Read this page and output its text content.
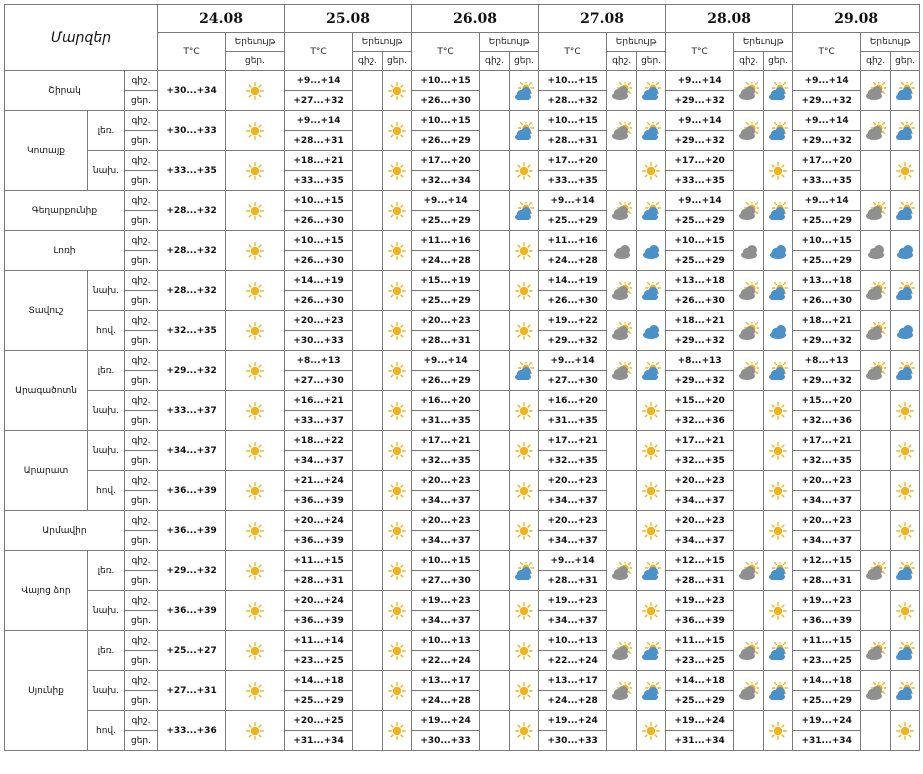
Մարզեր			24.08		25.08			26.08			27.08			28.08			29.08		
			T°C	Երեւույթ	T°C	Երեւույթ		T°C	Երեւույթ		T°C	Երեւույթ		T°C	Երեւույթ		T°C	Երեւույթ	
				ցեր.		գիշ.	ցեր.		գիշ.	ցեր.		գիշ.	ցեր.		գիշ.	ցեր.		գիշ.	ցեր.
Շիրակ		գիշ.	+30...+34		+9...+14			+10...+15			+10...+15			+9...+14			+9...+14	

		ցեր.			+27...+32			+26...+30			+28...+32			+29...+32			+29...+32		
Կոտայք	լեռ.	գիշ.	+30...+33		+9...+14			+10...+15			+10...+15			+9...+14			+9...+14	

		ցեր.			+28...+31			+26...+29			+28...+31			+29...+32			+29...+32		
	նախ.	գիշ.	+33...+35		+18...+21			+17...+20			+17...+20			+17...+20			+17...+20	

		ցեր.			+33...+35			+32...+34			+33...+35			+33...+35			+33...+35		
Գեղարքունիք		գիշ.	+28...+32		+10...+15			+9...+14			+9...+14			+9...+14			+9...+14	

		ցեր.			+26...+30			+25...+29			+25...+29			+25...+29			+25...+29		
Լոռի		գիշ.	+28...+32		+10...+15			+11...+16			+11...+16			+10...+15			+10...+15	

		ցեր.			+26...+30			+24...+28			+24...+28			+25...+29			+25...+29		
Տավուշ	նախ.	գիշ.	+28...+32		+14...+19			+15...+19			+14...+19			+13...+18			+13...+18	

		ցեր.			+26...+30			+25...+29			+26...+30			+26...+30			+26...+30		
	հով.	գիշ.	+32...+35		+20...+23			+20...+23			+19...+22			+18...+21			+18...+21	

		ցեր.			+30...+33			+28...+31			+29...+32			+29...+32			+29...+32		
Արագածոտն	լեռ.	գիշ.	+29...+32		+8...+13			+9...+14			+9...+14			+8...+13			+8...+13	

		ցեր.			+27...+30			+26...+29			+27...+30			+29...+32			+29...+32		
	նախ.	գիշ.	+33...+37		+16...+21			+16...+20			+16...+20			+15...+20			+15...+20	

		ցեր.			+33...+37			+31...+35			+31...+35			+32...+36			+32...+36		
Արարատ	նախ.	գիշ.	+34...+37		+18...+22			+17...+21			+17...+21			+17...+21			+17...+21	

		ցեր.			+34...+37			+32...+35			+32...+35			+32...+35			+32...+35		
	հով.	գիշ.	+36...+39		+21...+24			+20...+23			+20...+23			+20...+23			+20...+23	

		ցեր.			+36...+39			+34...+37			+34...+37			+34...+37			+34...+37		
Արմավիր		գիշ.	+36...+39		+20...+24			+20...+23			+20...+23			+20...+23			+20...+23	

		ցեր.			+36...+39			+34...+37			+34...+37			+34...+37			+34...+37		
Վայոց ձոր	լեռ.	գիշ.	+29...+32		+11...+15			+10...+15			+9...+14			+12...+15			+12...+15	

		ցեր.			+28...+31			+27...+30			+28...+31			+28...+31			+28...+31		
	նախ.	գիշ.	+36...+39		+20...+24			+19...+23			+19...+23			+19...+23			+19...+23	

		ցեր.			+36...+39			+34...+37			+34...+37			+36...+39			+36...+39		
Սյունիք	լեռ.	գիշ.	+25...+27		+11...+14			+10...+13			+10...+13			+11...+15			+11...+15	

		ցեր.			+23...+25			+22...+24			+22...+24			+23...+25			+23...+25		
	նախ.	գիշ.	+27...+31		+14...+18			+13...+17			+13...+17			+14...+18			+14...+18	

		ցեր.			+25...+29			+24...+28			+24...+28			+25...+29			+25...+29		
	հով.	գիշ.	+33...+36		+20...+25			+19...+24			+19...+24			+19...+24			+19...+24	

		ցեր.			+31...+34			+30...+33			+30...+33			+31...+34			+31...+34		
